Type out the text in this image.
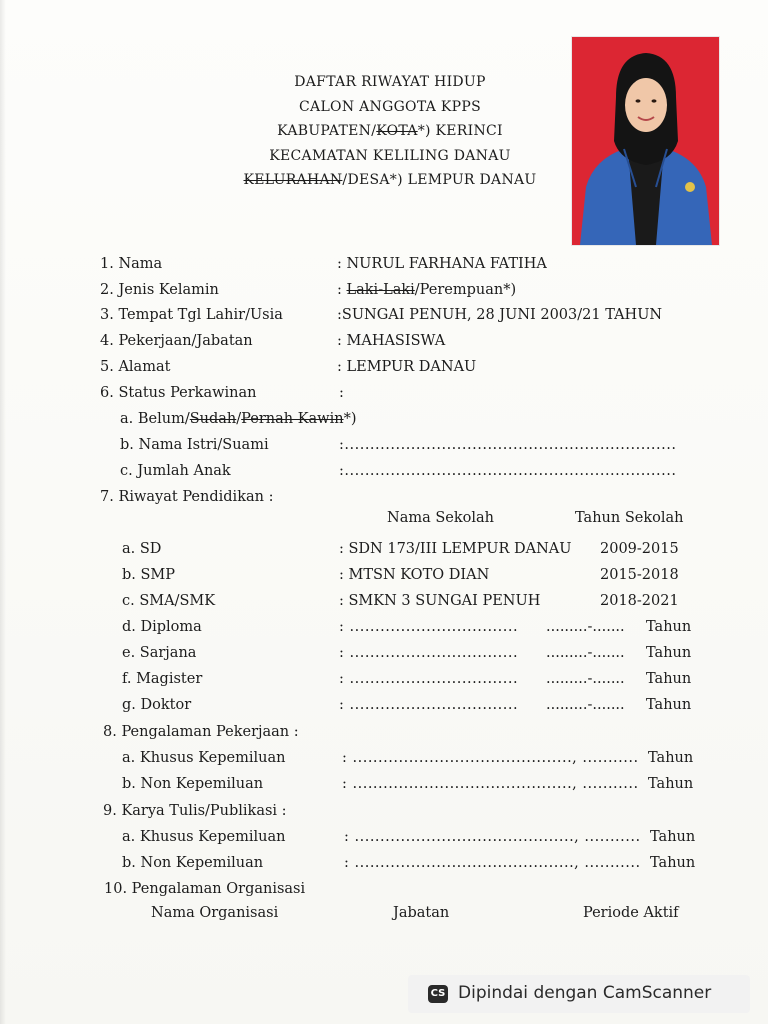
DAFTAR RIWAYAT HIDUP
CALON ANGGOTA KPPS
KABUPATEN/KOTA*) KERINCI
KECAMATAN KELILING DANAU
KELURAHAN/DESA*) LEMPUR DANAU
1. Nama	: NURUL FARHANA FATIHA
2. Jenis Kelamin	: Laki-Laki/Perempuan*)
3. Tempat Tgl Lahir/Usia	:SUNGAI PENUH, 28 JUNI 2003/21 TAHUN
4. Pekerjaan/Jabatan	: MAHASISWA
5. Alamat	: LEMPUR DANAU
6. Status Perkawinan	:
a. Belum/Sudah/Pernah Kawin*)
b. Nama Istri/Suami	:.................................................................
c. Jumlah Anak	:.................................................................
7. Riwayat Pendidikan :
Nama Sekolah	Tahun Sekolah
a. SD	: SDN 173/III LEMPUR DANAU 2009-2015
b. SMP	: MTSN KOTO DIAN	2015-2018
c. SMA/SMK	: SMKN 3 SUNGAI PENUH	2018-2021
d. Diploma	: ................................. .........-....... Tahun
e. Sarjana	: ................................. .........-....... Tahun
f. Magister	: ................................. .........-....... Tahun
g. Doktor	: ................................. .........-....... Tahun
8. Pengalaman Pekerjaan :
a. Khusus Kepemiluan	: ..........................................., ........... Tahun
b. Non Kepemiluan	: ..........................................., ........... Tahun
9. Karya Tulis/Publikasi :
a. Khusus Kepemiluan	: ..........................................., ........... Tahun
b. Non Kepemiluan	: ..........................................., ........... Tahun
10. Pengalaman Organisasi
Nama Organisasi	Jabatan	Periode Aktif
CS Dipindai dengan CamScanner
